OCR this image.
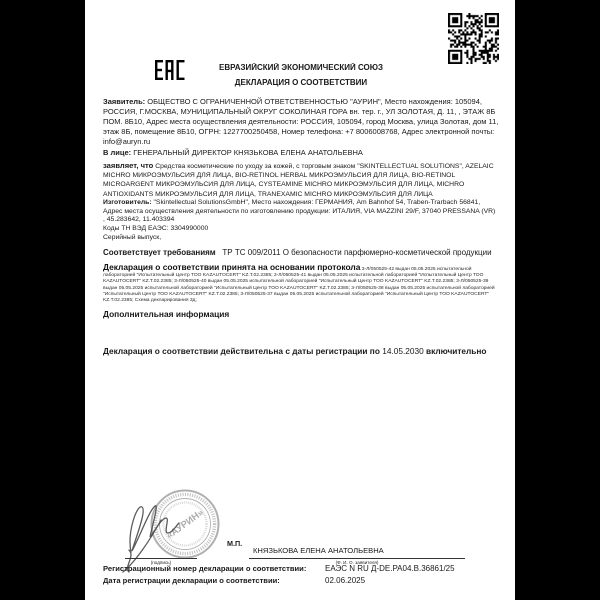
ЕВРАЗИЙСКИЙ ЭКОНОМИЧЕСКИЙ СОЮЗ
ДЕКЛАРАЦИЯ О СООТВЕТСТВИИ

Заявитель: ОБЩЕСТВО С ОГРАНИЧЕННОЙ ОТВЕТСТВЕННОСТЬЮ "АУРИН", Место нахождения: 105094, РОССИЯ, Г.МОСКВА, МУНИЦИПАЛЬНЫЙ ОКРУГ СОКОЛИНАЯ ГОРА вн. тер. г., УЛ ЗОЛОТАЯ, Д. 11, , ЭТАЖ 8Б ПОМ. 8Б10, Адрес места осуществления деятельности: РОССИЯ, 105094, город Москва, улица Золотая, дом 11, этаж 8Б, помещение 8Б10, ОГРН: 1227700250458, Номер телефона: +7 8006008768, Адрес электронной почты: info@auryn.ru

В лице: ГЕНЕРАЛЬНЫЙ ДИРЕКТОР КНЯЗЬКОВА ЕЛЕНА АНАТОЛЬЕВНА

заявляет, что Средства косметические по уходу за кожей, с торговым знаком "SKINTELLECTUAL SOLUTIONS", AZELAIC MICHRO МИКРОЭМУЛЬСИЯ ДЛЯ ЛИЦА, BIO-RETINOL HERBAL МИКРОЭМУЛЬСИЯ ДЛЯ ЛИЦА, BIO-RETINOL MICROARGENT МИКРОЭМУЛЬСИЯ ДЛЯ ЛИЦА, CYSTEAMINE MICHRO МИКРОЭМУЛЬСИЯ ДЛЯ ЛИЦА, MICHRO ANTIOXIDANTS МИКРОЭМУЛЬСИЯ ДЛЯ ЛИЦА, TRANEXAMIC MICHRO МИКРОЭМУЛЬСИЯ ДЛЯ ЛИЦА

Изготовитель: "Skintellectual SolutionsGmbH", Место нахождения: ГЕРМАНИЯ, Am Bahnhof 54, Traben-Trarbach 56841, Адрес места осуществления деятельности по изготовлению продукции: ИТАЛИЯ, VIA MAZZINI 29/F, 37040 PRESSANA (VR) , 45.283642, 11.403394

Коды ТН ВЭД ЕАЭС: 3304990000

Серийный выпуск,

Соответствует требованиям ТР ТС 009/2011 О безопасности парфюмерно-косметической продукции

Декларация о соответствии принята на основании протокола 3-Л/050525-42 выдан 05.05.2025 испытательной лабораторией "Испытательный Центр ТОО KAZAUTOCERT" KZ.T.02.2385; 3-Л/050525-41 выдан 05.05.2025 испытательной лабораторией "Испытательный Центр ТОО KAZAUTOCERT" KZ.T.02.2385; 3-Л/050525-40 выдан 05.05.2025 испытательной лабораторией "Испытательный Центр ТОО KAZAUTOCERT" KZ.T.02.2385; 3-Л/050525-39 выдан 05.05.2025 испытательной лабораторией "Испытательный Центр ТОО KAZAUTOCERT" KZ.T.02.2385; 3-Л/050525-38 выдан 05.05.2025 испытательной лабораторией "Испытательный Центр ТОО KAZAUTOCERT" KZ.T.02.2385; 3-Л/050525-37 выдан 05.05.2025 испытательной лабораторией "Испытательный Центр ТОО KAZAUTOCERT" KZ.T.02.2385; Схема декларирования 3д;

Дополнительная информация

Декларация о соответствии действительна с даты регистрации по 14.05.2030 включительно

«АУРИН»
(подпись)
М.П.
КНЯЗЬКОВА ЕЛЕНА АНАТОЛЬЕВНА
(Ф. И. О. заявителя)
Регистрационный номер декларации о соответствии:	ЕАЭС N RU Д-DE.PA04.B.36861/25
Дата регистрации декларации о соответствии:	02.06.2025
